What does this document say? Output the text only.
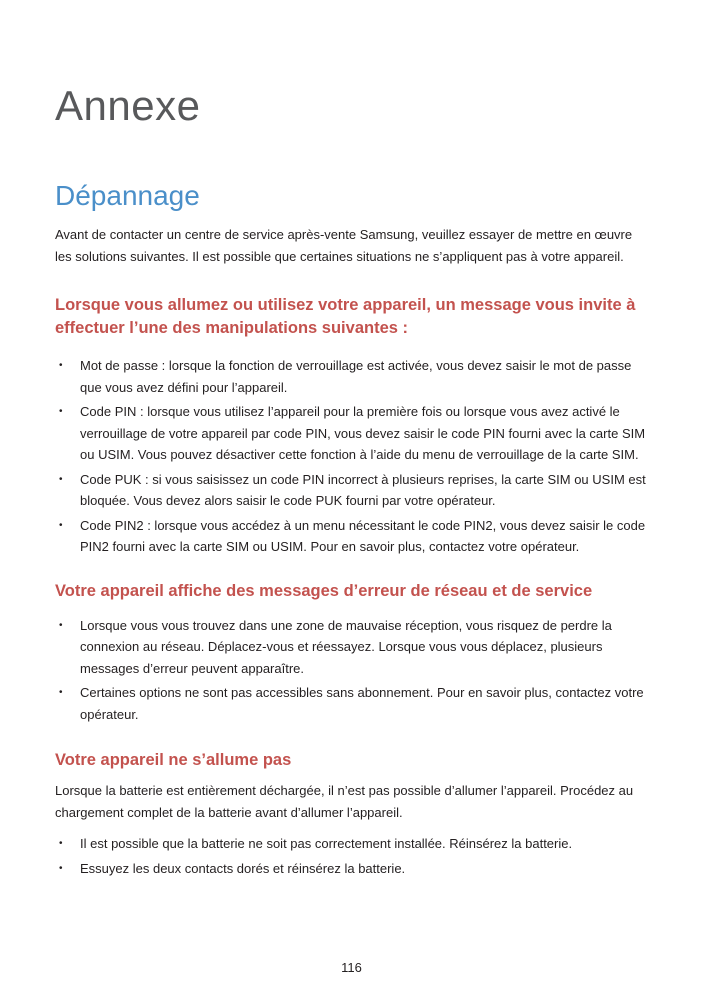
Annexe
Dépannage

Avant de contacter un centre de service après-vente Samsung, veuillez essayer de mettre en œuvre les solutions suivantes. Il est possible que certaines situations ne s’appliquent pas à votre appareil.

Lorsque vous allumez ou utilisez votre appareil, un message vous invite à effectuer l’une des manipulations suivantes :
• Mot de passe : lorsque la fonction de verrouillage est activée, vous devez saisir le mot de passe que vous avez défini pour l’appareil.
• Code PIN : lorsque vous utilisez l’appareil pour la première fois ou lorsque vous avez activé le verrouillage de votre appareil par code PIN, vous devez saisir le code PIN fourni avec la carte SIM ou USIM. Vous pouvez désactiver cette fonction à l’aide du menu de verrouillage de la carte SIM.
• Code PUK : si vous saisissez un code PIN incorrect à plusieurs reprises, la carte SIM ou USIM est bloquée. Vous devez alors saisir le code PUK fourni par votre opérateur.
• Code PIN2 : lorsque vous accédez à un menu nécessitant le code PIN2, vous devez saisir le code PIN2 fourni avec la carte SIM ou USIM. Pour en savoir plus, contactez votre opérateur.
Votre appareil affiche des messages d’erreur de réseau et de service
• Lorsque vous vous trouvez dans une zone de mauvaise réception, vous risquez de perdre la connexion au réseau. Déplacez-vous et réessayez. Lorsque vous vous déplacez, plusieurs messages d’erreur peuvent apparaître.
• Certaines options ne sont pas accessibles sans abonnement. Pour en savoir plus, contactez votre opérateur.
Votre appareil ne s’allume pas

Lorsque la batterie est entièrement déchargée, il n’est pas possible d’allumer l’appareil. Procédez au chargement complet de la batterie avant d’allumer l’appareil.

• Il est possible que la batterie ne soit pas correctement installée. Réinsérez la batterie.
• Essuyez les deux contacts dorés et réinsérez la batterie.
116
